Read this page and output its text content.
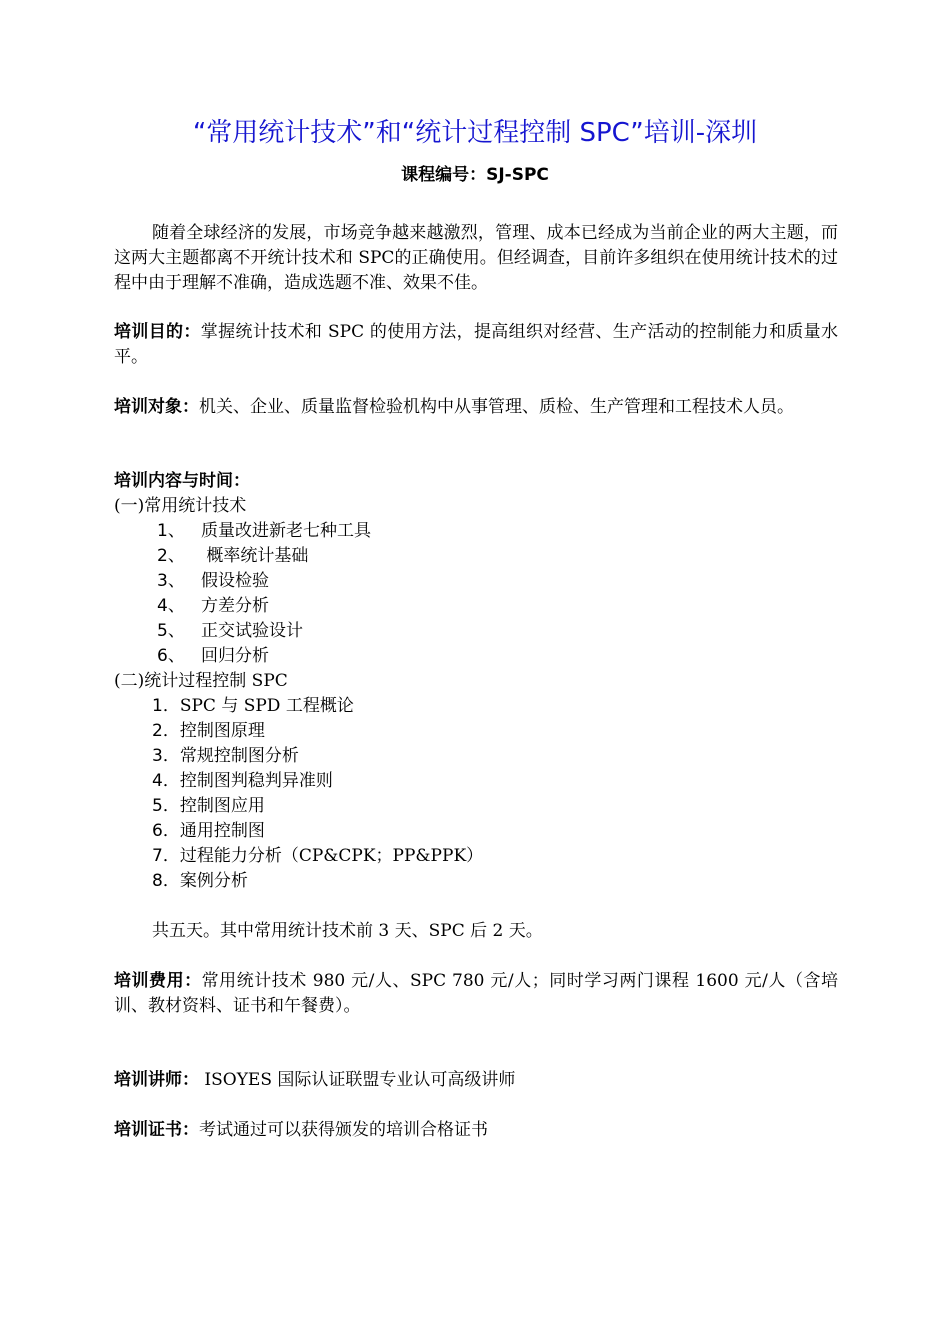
“常用统计技术”和“统计过程控制 SPC”培训-深圳
课程编号：SJ-SPC
随着全球经济的发展，市场竞争越来越激烈，管理、成本已经成为当前企业的两大主题，而这两大主题都离不开统计技术和 SPC的正确使用。但经调查，目前许多组织在使用统计技术的过程中由于理解不准确，造成选题不准、效果不佳。
培训目的：掌握统计技术和 SPC 的使用方法，提高组织对经营、生产活动的控制能力和质量水平。
培训对象：机关、企业、质量监督检验机构中从事管理、质检、生产管理和工程技术人员。
培训内容与时间：
(一)常用统计技术
1、 质量改进新老七种工具
2、 概率统计基础
3、 假设检验
4、 方差分析
5、 正交试验设计
6、 回归分析
(二)统计过程控制 SPC
1．SPC 与 SPD 工程概论
2．控制图原理
3．常规控制图分析
4．控制图判稳判异准则
5．控制图应用
6．通用控制图
7．过程能力分析（CP&CPK；PP&PPK）
8．案例分析
共五天。其中常用统计技术前 3 天、SPC 后 2 天。
培训费用：常用统计技术 980 元/人、SPC 780 元/人；同时学习两门课程 1600 元/人（含培训、教材资料、证书和午餐费）。
培训讲师： ISOYES 国际认证联盟专业认可高级讲师
培训证书：考试通过可以获得颁发的培训合格证书
